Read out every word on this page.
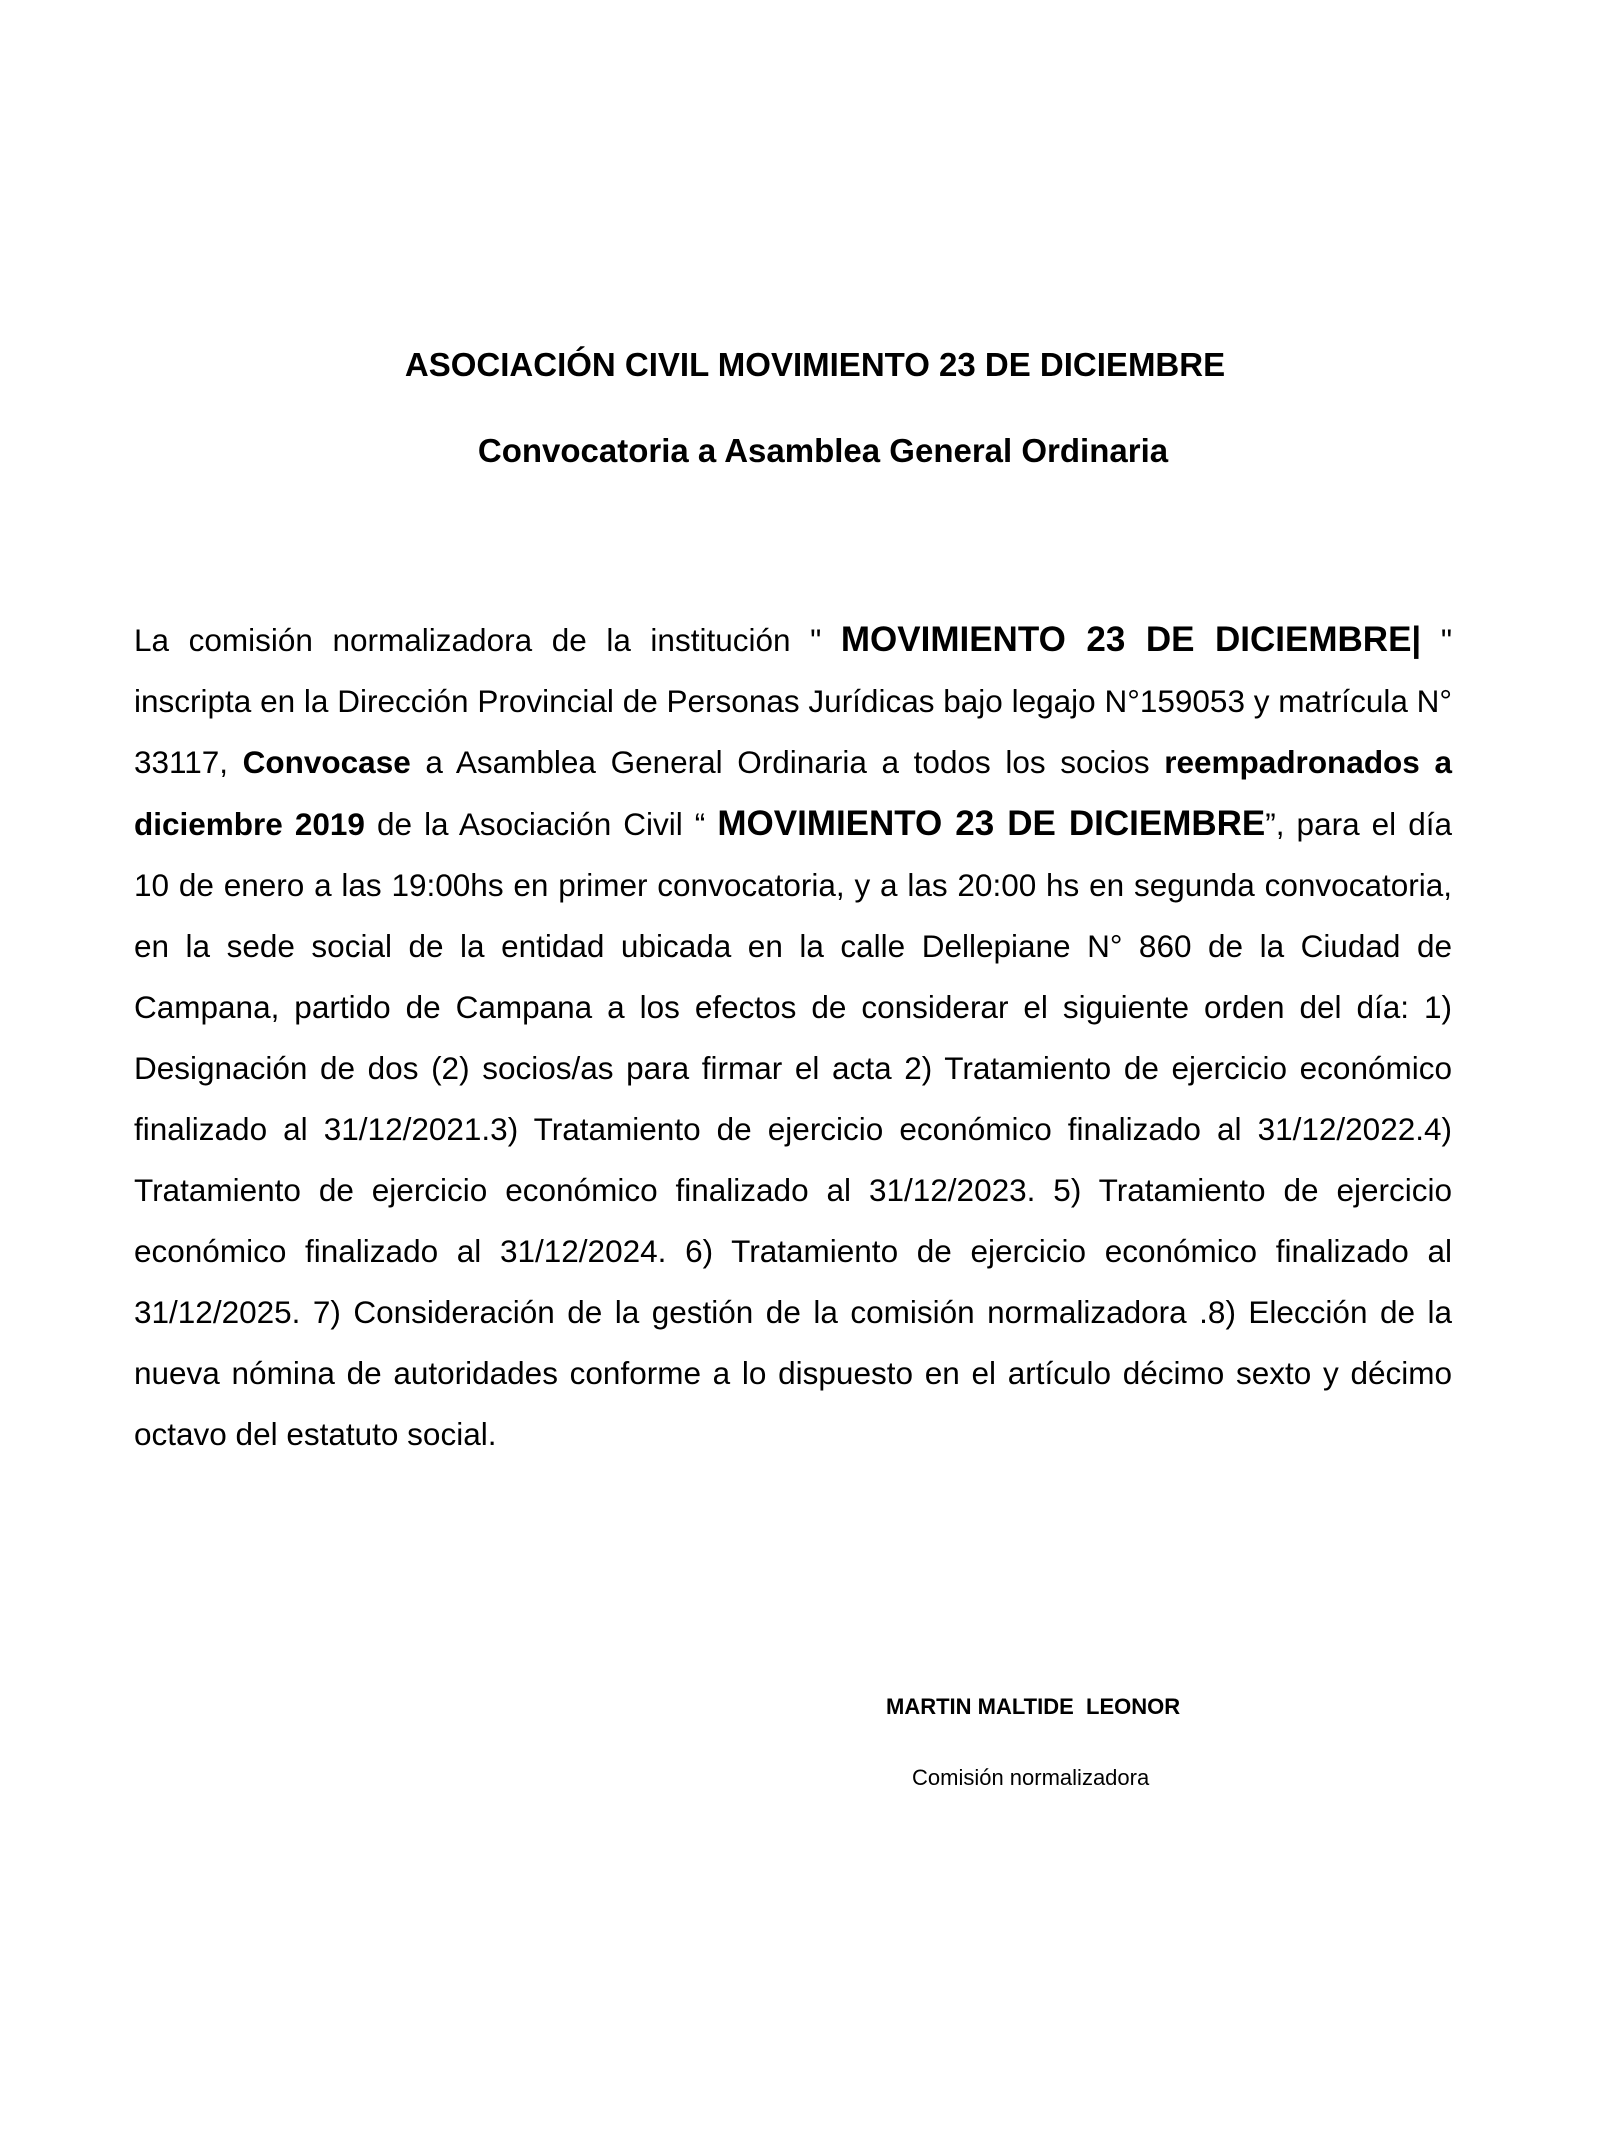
ASOCIACIÓN CIVIL MOVIMIENTO 23 DE DICIEMBRE
Convocatoria a Asamblea General Ordinaria

La comisión normalizadora de la institución " MOVIMIENTO 23 DE DICIEMBRE| " inscripta en la Dirección Provincial de Personas Jurídicas bajo legajo N°159053 y matrícula N° 33117, Convocase a Asamblea General Ordinaria a todos los socios reempadronados a diciembre 2019 de la Asociación Civil “ MOVIMIENTO 23 DE DICIEMBRE”, para el día 10 de enero a las 19:00hs en primer convocatoria, y a las 20:00 hs en segunda convocatoria, en la sede social de la entidad ubicada en la calle Dellepiane N° 860 de la Ciudad de Campana, partido de Campana a los efectos de considerar el siguiente orden del día: 1) Designación de dos (2) socios/as para firmar el acta 2) Tratamiento de ejercicio económico finalizado al 31/12/2021.3) Tratamiento de ejercicio económico finalizado al 31/12/2022.4) Tratamiento de ejercicio económico finalizado al 31/12/2023. 5) Tratamiento de ejercicio económico finalizado al 31/12/2024. 6) Tratamiento de ejercicio económico finalizado al 31/12/2025. 7) Consideración de la gestión de la comisión normalizadora .8) Elección de la nueva nómina de autoridades conforme a lo dispuesto en el artículo décimo sexto y décimo octavo del estatuto social.

MARTIN MALTIDE  LEONOR
Comisión normalizadora
